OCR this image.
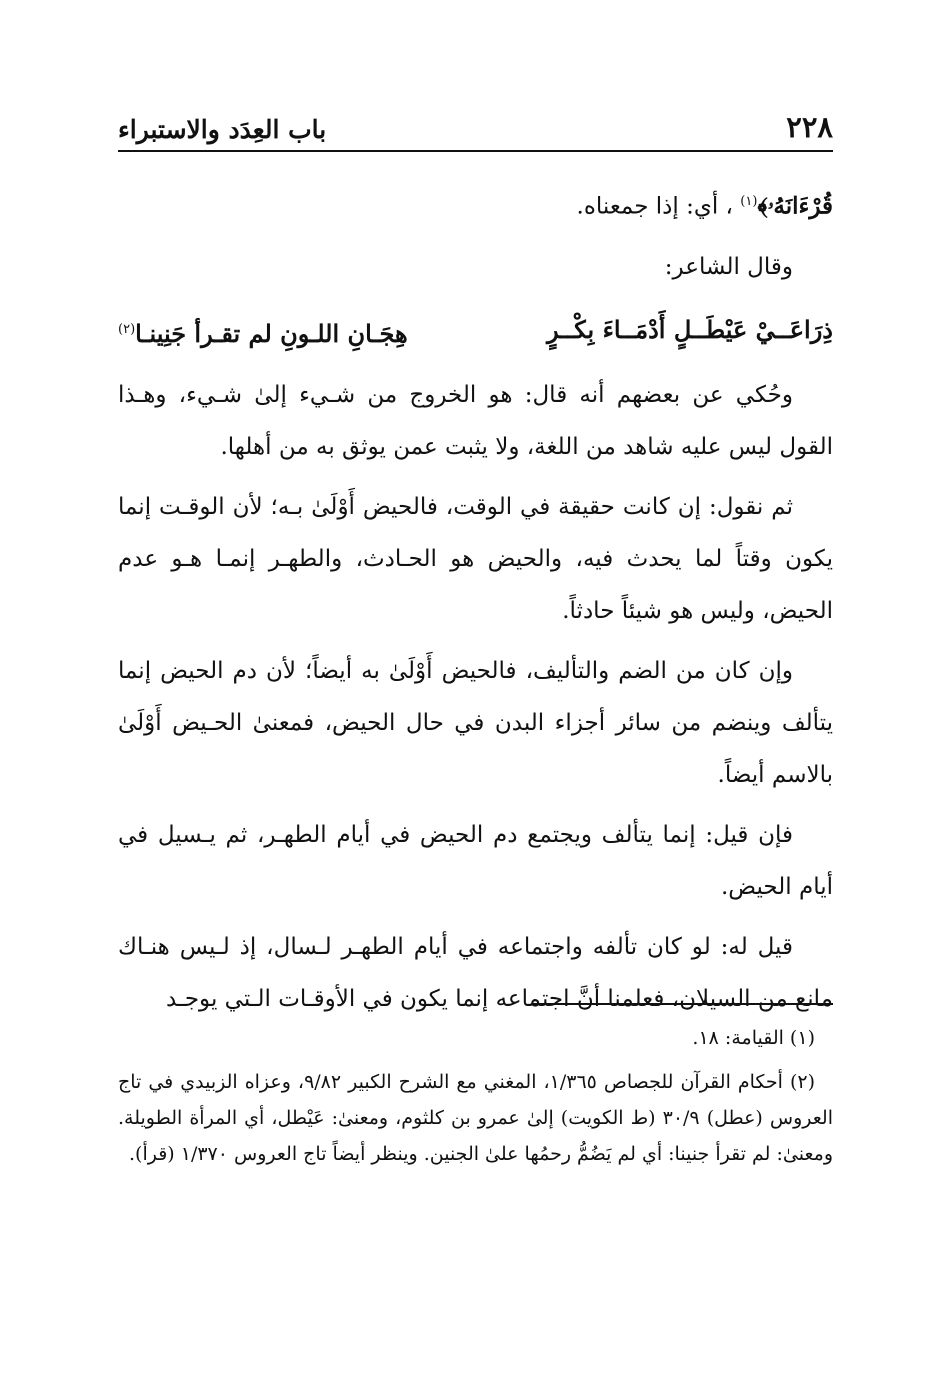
٢٢٨
باب العِدَد والاستبراء

قُرْءَانَهُۥ﴾$^{(١)}$ ، أي: إذا جمعناه.

وقال الشاعر:

ذِرَاعَــيْ عَيْطَــلٍ أَدْمَــاءَ بِكْــرٍ
هِجَـانِ اللـونِ لم تقـرأ جَنِينـا$^{(٢)}$

وحُكي عن بعضهم أنه قال: هو الخروج من شـيء إلىٰ شـيء، وهـذا القول ليس عليه شاهد من اللغة، ولا يثبت عمن يوثق به من أهلها.

ثم نقول: إن كانت حقيقة في الوقت، فالحيض أَوْلَىٰ بـه؛ لأن الوقـت إنما يكون وقتاً لما يحدث فيه، والحيض هو الحـادث، والطهـر إنمـا هـو عدم الحيض، وليس هو شيئاً حادثاً.

وإن كان من الضم والتأليف، فالحيض أَوْلَىٰ به أيضاً؛ لأن دم الحيض إنما يتألف وينضم من سائر أجزاء البدن في حال الحيض، فمعنىٰ الحـيض أَوْلَىٰ بالاسم أيضاً.

فإن قيل: إنما يتألف ويجتمع دم الحيض في أيام الطهـر، ثم يـسيل في أيام الحيض.

قيل له: لو كان تألفه واجتماعه في أيام الطهـر لـسال، إذ لـيس هنـاك مانع من السيلان، فعلمنا أنَّ اجتماعه إنما يكون في الأوقـات الـتي يوجـد

(١) القيامة: ١٨.

(٢) أحكام القرآن للجصاص ١/٣٦٥، المغني مع الشرح الكبير ٩/٨٢، وعزاه الزبيدي في تاج العروس (عطل) ٣٠/٩ (ط الكويت) إلىٰ عمرو بن كلثوم، ومعنىٰ: عَيْطل، أي المرأة الطويلة. ومعنىٰ: لم تقرأ جنينا: أي لم يَضُمُّ رحمُها علىٰ الجنين. وينظر أيضاً تاج العروس ١/٣٧٠ (قرأ).
